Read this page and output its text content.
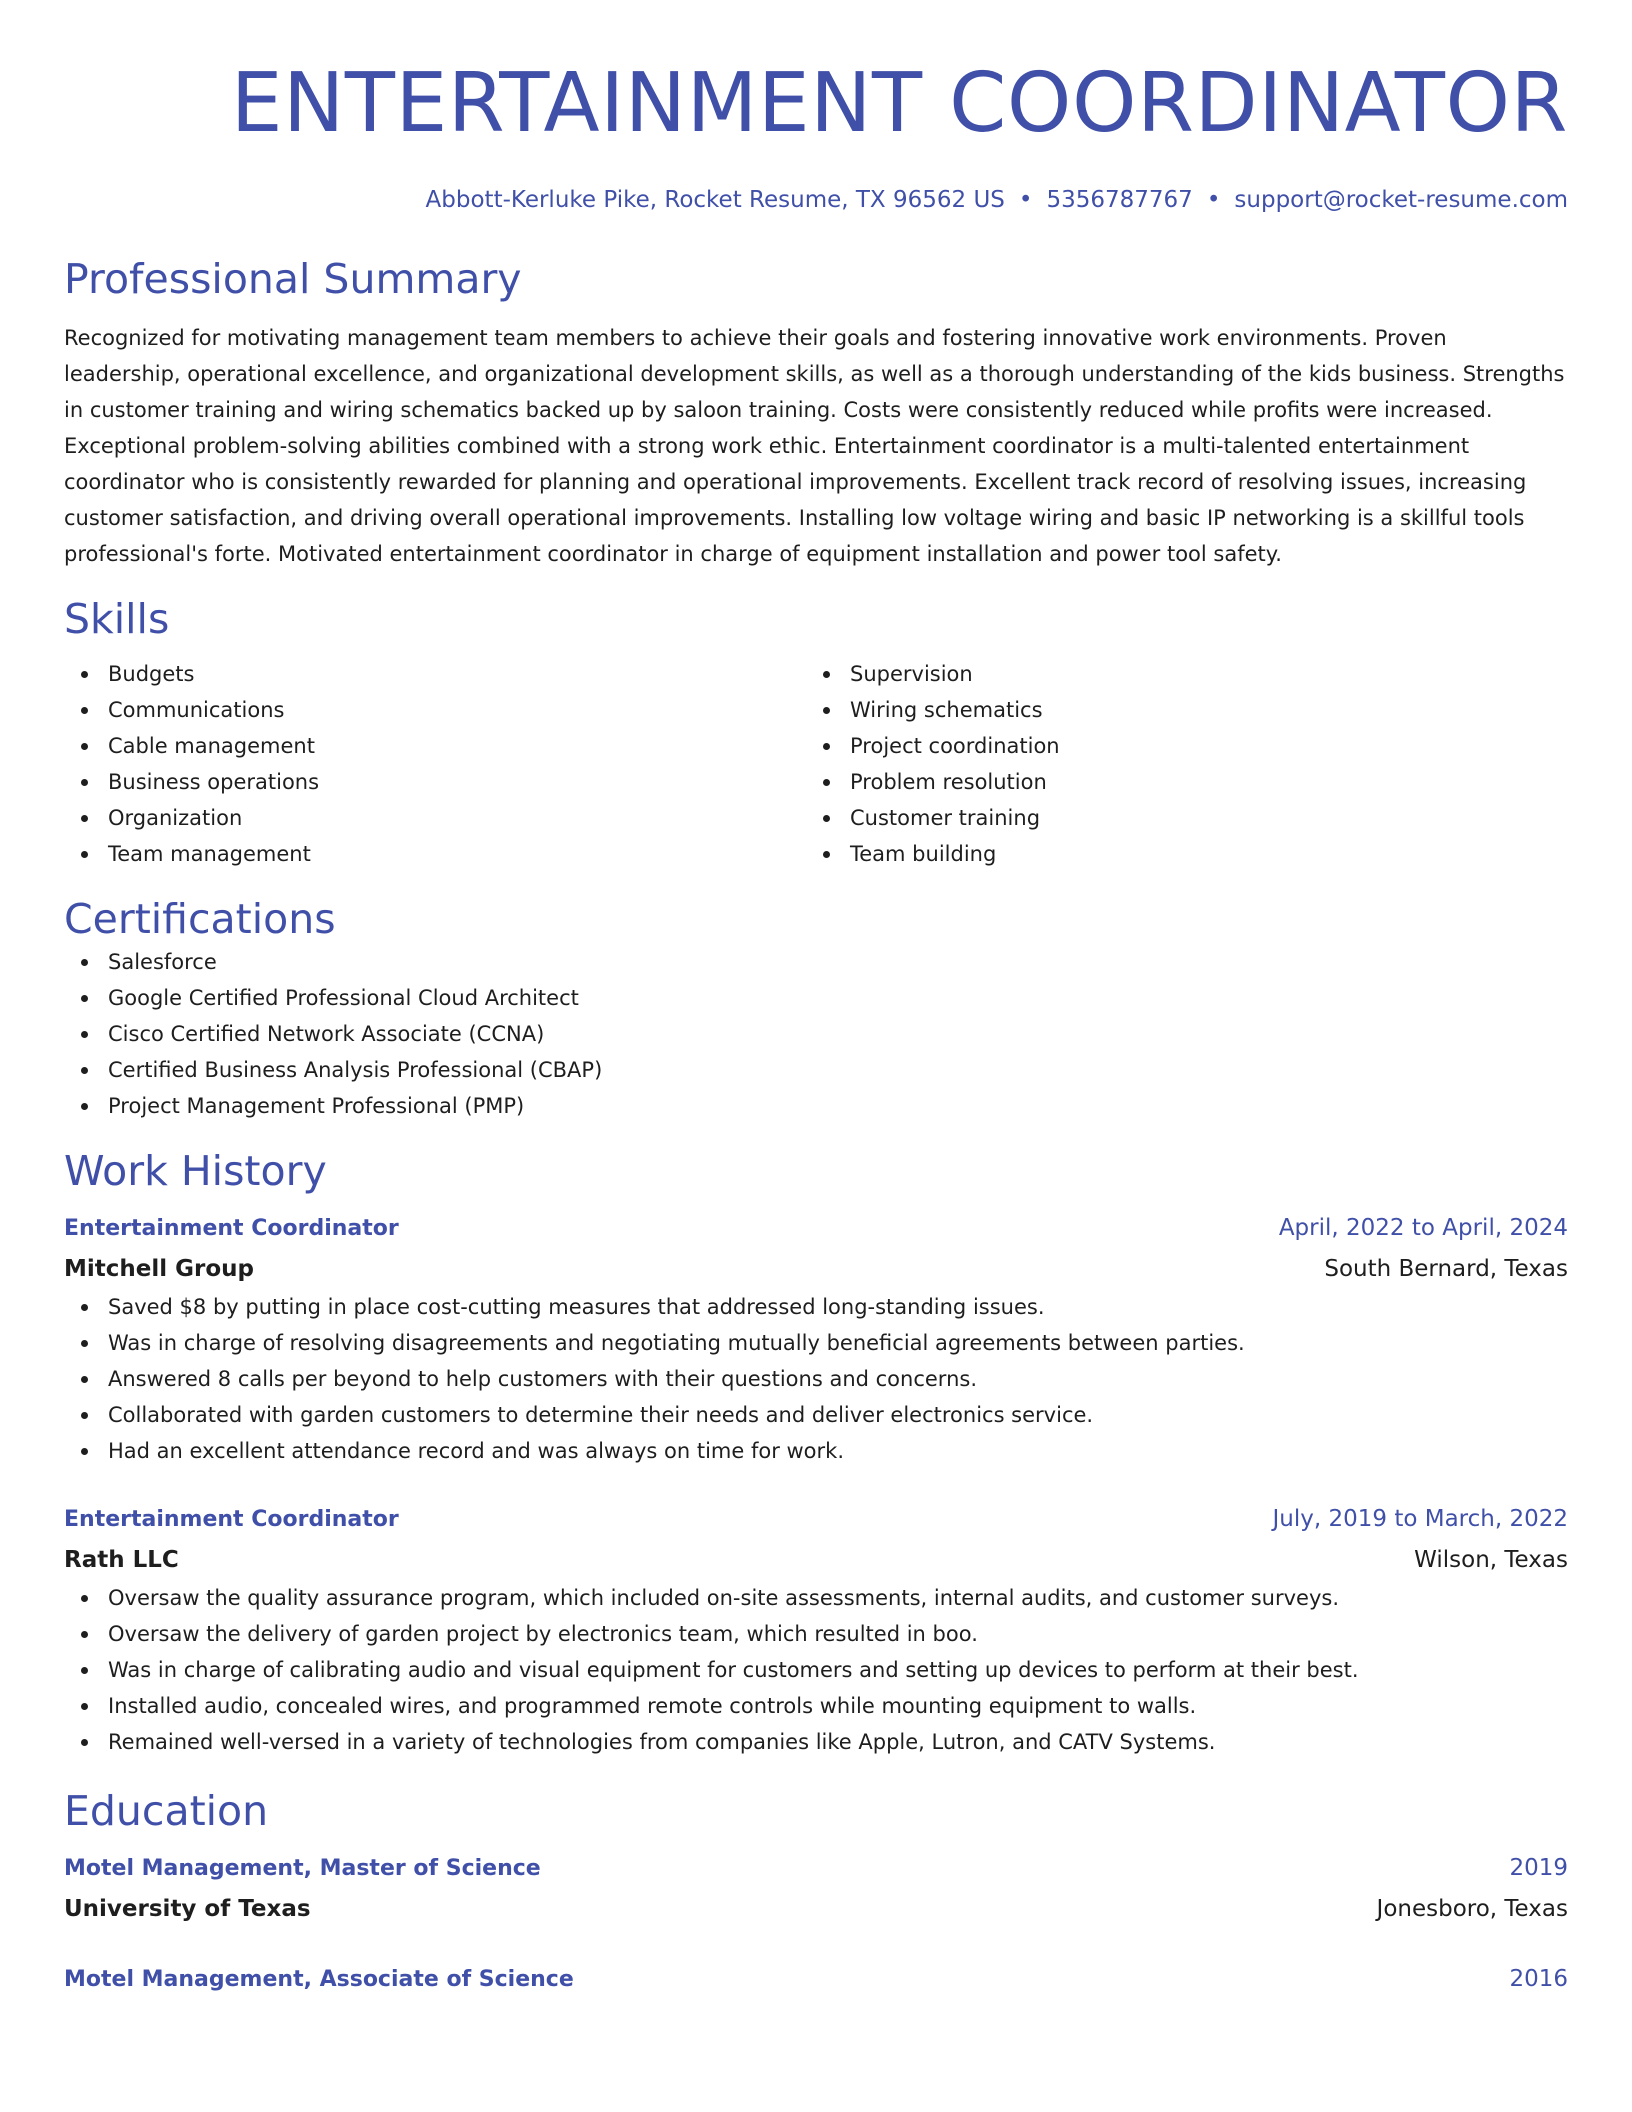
ENTERTAINMENT COORDINATOR
Abbott-Kerluke Pike, Rocket Resume, TX 96562 US • 5356787767 • support@rocket-resume.com
Professional Summary

Recognized for motivating management team members to achieve their goals and fostering innovative work environments. Proven leadership, operational excellence, and organizational development skills, as well as a thorough understanding of the kids business. Strengths in customer training and wiring schematics backed up by saloon training. Costs were consistently reduced while profits were increased. Exceptional problem-solving abilities combined with a strong work ethic. Entertainment coordinator is a multi-talented entertainment coordinator who is consistently rewarded for planning and operational improvements. Excellent track record of resolving issues, increasing customer satisfaction, and driving overall operational improvements. Installing low voltage wiring and basic IP networking is a skillful tools professional's forte. Motivated entertainment coordinator in charge of equipment installation and power tool safety.

Skills
Budgets
Communications
Cable management
Business operations
Organization
Team management
Supervision
Wiring schematics
Project coordination
Problem resolution
Customer training
Team building
Certifications
Salesforce
Google Certified Professional Cloud Architect
Cisco Certified Network Associate (CCNA)
Certified Business Analysis Professional (CBAP)
Project Management Professional (PMP)
Work History
Entertainment Coordinator	April, 2022 to April, 2024
Mitchell Group	South Bernard, Texas
Saved $8 by putting in place cost-cutting measures that addressed long-standing issues.
Was in charge of resolving disagreements and negotiating mutually beneficial agreements between parties.
Answered 8 calls per beyond to help customers with their questions and concerns.
Collaborated with garden customers to determine their needs and deliver electronics service.
Had an excellent attendance record and was always on time for work.
Entertainment Coordinator	July, 2019 to March, 2022
Rath LLC	Wilson, Texas
Oversaw the quality assurance program, which included on-site assessments, internal audits, and customer surveys.
Oversaw the delivery of garden project by electronics team, which resulted in boo.
Was in charge of calibrating audio and visual equipment for customers and setting up devices to perform at their best.
Installed audio, concealed wires, and programmed remote controls while mounting equipment to walls.
Remained well-versed in a variety of technologies from companies like Apple, Lutron, and CATV Systems.
Education
Motel Management, Master of Science	2019
University of Texas	Jonesboro, Texas
Motel Management, Associate of Science	2016
